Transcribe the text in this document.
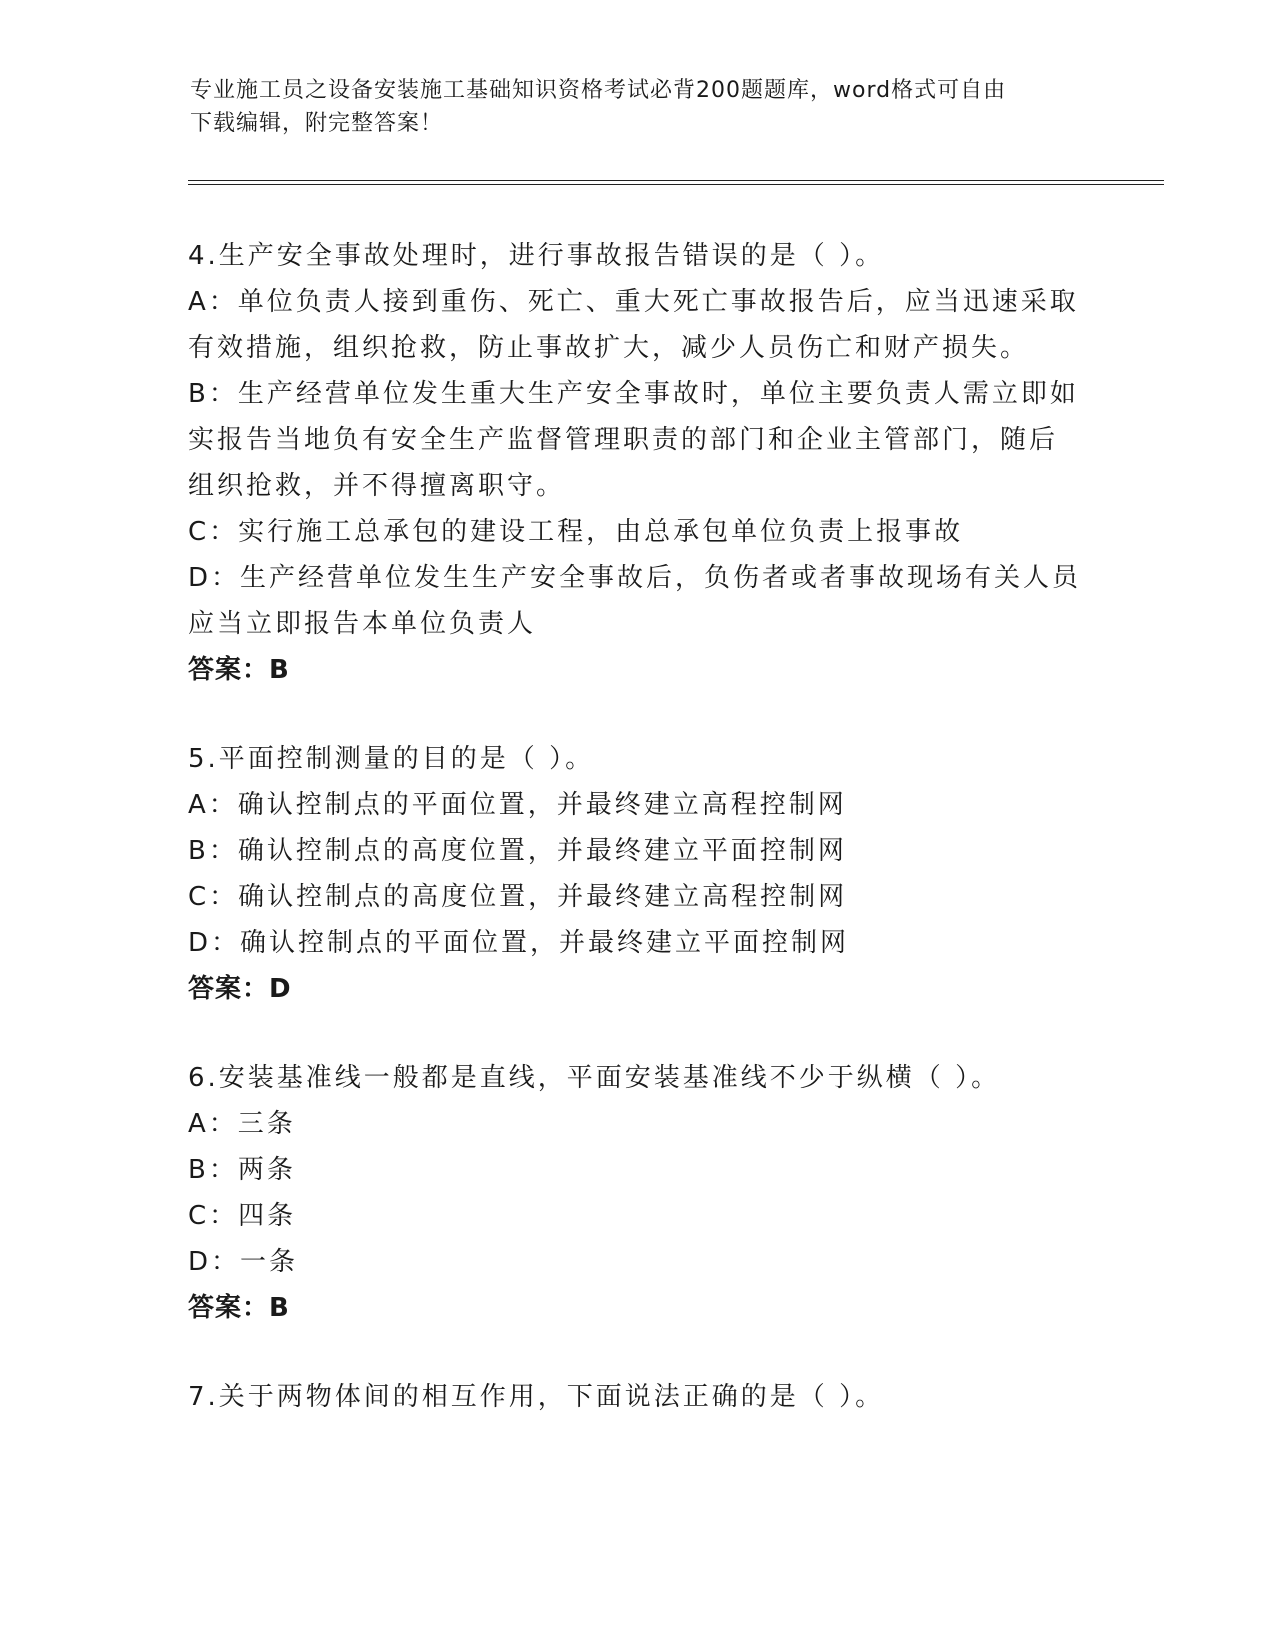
专业施工员之设备安装施工基础知识资格考试必背200题题库，word格式可自由
下载编辑，附完整答案！
4.生产安全事故处理时，进行事故报告错误的是（ ）。
A：单位负责人接到重伤、死亡、重大死亡事故报告后，应当迅速采取
有效措施，组织抢救，防止事故扩大，减少人员伤亡和财产损失。
B：生产经营单位发生重大生产安全事故时，单位主要负责人需立即如
实报告当地负有安全生产监督管理职责的部门和企业主管部门，随后
组织抢救，并不得擅离职守。
C：实行施工总承包的建设工程，由总承包单位负责上报事故
D：生产经营单位发生生产安全事故后，负伤者或者事故现场有关人员
应当立即报告本单位负责人
答案：B
5.平面控制测量的目的是（ ）。
A：确认控制点的平面位置，并最终建立高程控制网
B：确认控制点的高度位置，并最终建立平面控制网
C：确认控制点的高度位置，并最终建立高程控制网
D：确认控制点的平面位置，并最终建立平面控制网
答案：D
6.安装基准线一般都是直线，平面安装基准线不少于纵横（ ）。
A：三条
B：两条
C：四条
D：一条
答案：B
7.关于两物体间的相互作用，下面说法正确的是（ ）。
